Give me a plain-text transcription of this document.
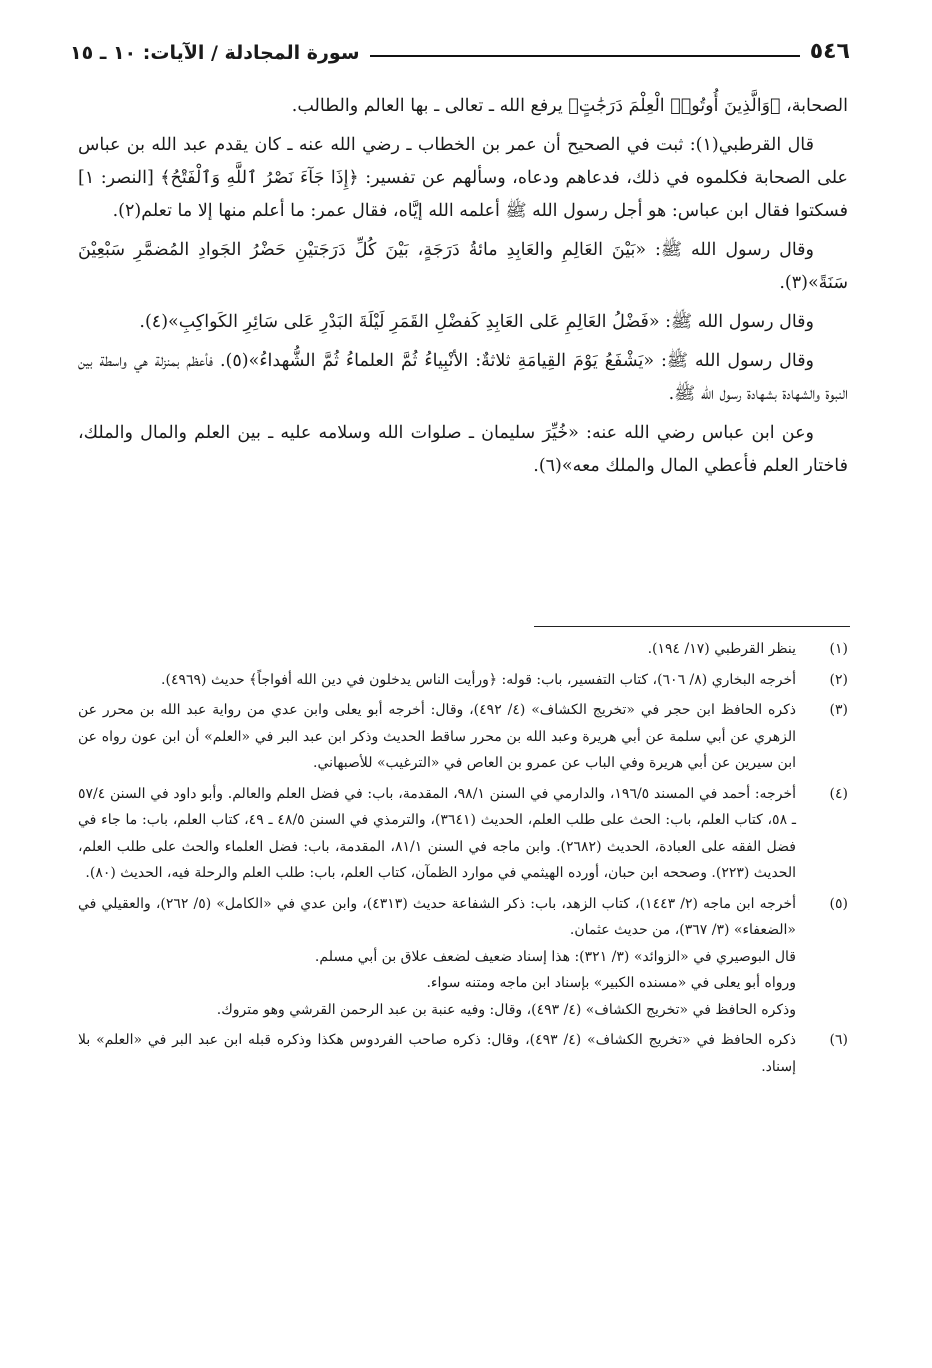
٥٤٦
سورة المجادلة / الآيات: ١٠ ـ ١٥

الصحابة، ﴿وَالَّذِينَ أُوتُوا۟ الْعِلْمَ دَرَجَٰتٍ﴾ يرفع الله ـ تعالى ـ بها العالم والطالب.

قال القرطبي(١): ثبت في الصحيح أن عمر بن الخطاب ـ رضي الله عنه ـ كان يقدم عبد الله بن عباس على الصحابة فكلموه في ذلك، فدعاهم ودعاه، وسألهم عن تفسير: ﴿إِذَا جَآءَ نَصْرُ ٱللَّهِ وَٱلْفَتْحُ﴾ [النصر: ١] فسكتوا فقال ابن عباس: هو أجل رسول الله ﷺ أعلمه الله إيَّاه، فقال عمر: ما أعلم منها إلا ما تعلم(٢).

وقال رسول الله ﷺ: «بَيْنَ العَالِمِ والعَابِدِ مائةُ دَرَجَةٍ، بَيْنَ كُلِّ دَرَجَتيْنِ حَضْرُ الجَوادِ المُضمَّرِ سَبْعِيْنَ سَنَةً»(٣).

وقال رسول الله ﷺ: «فَضْلُ العَالِمِ عَلى العَابِدِ كَفضْلِ القَمَرِ لَيْلَةَ البَدْرِ عَلى سَائِرِ الكَواكِبِ»(٤).

وقال رسول الله ﷺ: «يَشْفَعُ يَوْمَ القِيامَةِ ثلاثةٌ: الأنْبِياءُ ثُمَّ العلماءُ ثُمَّ الشُّهداءُ»(٥). فأعظم بمنزلة هي واسطة بين النبوة والشهادة بشهادة رسول الله ﷺ.

وعن ابن عباس رضي الله عنه: «خُيِّرَ سليمان ـ صلوات الله وسلامه عليه ـ بين العلم والمال والملك، فاختار العلم فأعطي المال والملك معه»(٦).

(١)

ينظر القرطبي (١٧/ ١٩٤).

(٢)

أخرجه البخاري (٨/ ٦٠٦)، كتاب التفسير، باب: قوله: ﴿ورأيت الناس يدخلون في دين الله أفواجاً﴾ حديث (٤٩٦٩).

(٣)

ذكره الحافظ ابن حجر في «تخريج الكشاف» (٤/ ٤٩٢)، وقال: أخرجه أبو يعلى وابن عدي من رواية عبد الله بن محرر عن الزهري عن أبي سلمة عن أبي هريرة وعبد الله بن محرر ساقط الحديث وذكر ابن عبد البر في «العلم» أن ابن عون رواه عن ابن سيرين عن أبي هريرة وفي الباب عن عمرو بن العاص في «الترغيب» للأصبهاني.

(٤)

أخرجه: أحمد في المسند ١٩٦/٥، والدارمي في السنن ٩٨/١، المقدمة، باب: في فضل العلم والعالم. وأبو داود في السنن ٥٧/٤ ـ ٥٨، كتاب العلم، باب: الحث على طلب العلم، الحديث (٣٦٤١)، والترمذي في السنن ٤٨/٥ ـ ٤٩، كتاب العلم، باب: ما جاء في فضل الفقه على العبادة، الحديث (٢٦٨٢). وابن ماجه في السنن ٨١/١، المقدمة، باب: فضل العلماء والحث على طلب العلم، الحديث (٢٢٣). وصححه ابن حبان، أورده الهيثمي في موارد الظمآن، كتاب العلم، باب: طلب العلم والرحلة فيه، الحديث (٨٠).

(٥)

أخرجه ابن ماجه (٢/ ١٤٤٣)، كتاب الزهد، باب: ذكر الشفاعة حديث (٤٣١٣)، وابن عدي في «الكامل» (٥/ ٢٦٢)، والعقيلي في «الضعفاء» (٣/ ٣٦٧)، من حديث عثمان.

قال البوصيري في «الزوائد» (٣/ ٣٢١): هذا إسناد ضعيف لضعف علاق بن أبي مسلم.

ورواه أبو يعلى في «مسنده الكبير» بإسناد ابن ماجه ومتنه سواء.

وذكره الحافظ في «تخريج الكشاف» (٤/ ٤٩٣)، وقال: وفيه عنبة بن عبد الرحمن القرشي وهو متروك.

(٦)

ذكره الحافظ في «تخريج الكشاف» (٤/ ٤٩٣)، وقال: ذكره صاحب الفردوس هكذا وذكره قبله ابن عبد البر في «العلم» بلا إسناد.
